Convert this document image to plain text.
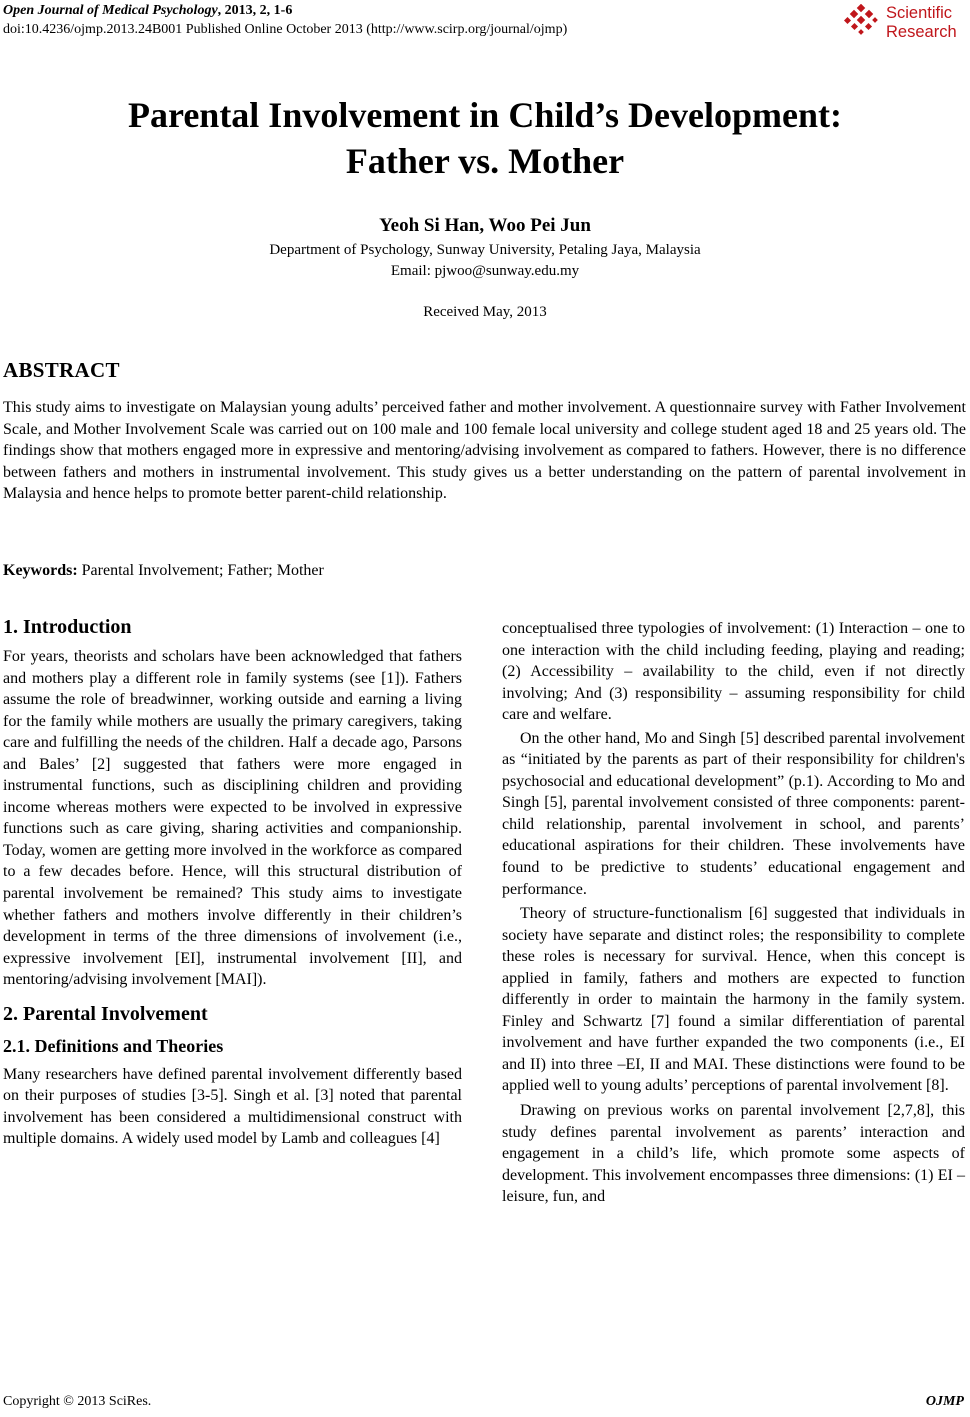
Open Journal of Medical Psychology, 2013, 2, 1-6
doi:10.4236/ojmp.2013.24B001 Published Online October 2013 (http://www.scirp.org/journal/ojmp)
Scientific
Research
Parental Involvement in Child’s Development:
Father vs. Mother
Yeoh Si Han, Woo Pei Jun
Department of Psychology, Sunway University, Petaling Jaya, Malaysia
Email: pjwoo@sunway.edu.my
Received May, 2013
ABSTRACT
This study aims to investigate on Malaysian young adults’ perceived father and mother involvement. A questionnaire survey with Father Involvement Scale, and Mother Involvement Scale was carried out on 100 male and 100 female local university and college student aged 18 and 25 years old. The findings show that mothers engaged more in expressive and mentoring/advising involvement as compared to fathers. However, there is no difference between fathers and mothers in instrumental involvement. This study gives us a better understanding on the pattern of parental involvement in Malaysia and hence helps to promote better parent-child relationship.
Keywords: Parental Involvement; Father; Mother
1. Introduction

For years, theorists and scholars have been acknowledged that fathers and mothers play a different role in family systems (see [1]). Fathers assume the role of breadwinner, working outside and earning a living for the family while mothers are usually the primary caregivers, taking care and fulfilling the needs of the children. Half a decade ago, Parsons and Bales’ [2] suggested that fathers were more engaged in instrumental functions, such as disciplining children and providing income whereas mothers were expected to be involved in expressive functions such as care giving, sharing activities and companionship. Today, women are getting more involved in the workforce as compared to a few decades before. Hence, will this structural distribution of parental involvement be remained? This study aims to investigate whether fathers and mothers involve differently in their children’s development in terms of the three dimensions of involvement (i.e., expressive involvement [EI], instrumental involvement [II], and mentoring/advising involvement [MAI]).

2. Parental Involvement
2.1. Definitions and Theories

Many researchers have defined parental involvement differently based on their purposes of studies [3-5]. Singh et al. [3] noted that parental involvement has been considered a multidimensional construct with multiple domains. A widely used model by Lamb and colleagues [4]

conceptualised three typologies of involvement: (1) Interaction – one to one interaction with the child including feeding, playing and reading; (2) Accessibility – availability to the child, even if not directly involving; And (3) responsibility – assuming responsibility for child care and welfare.

On the other hand, Mo and Singh [5] described parental involvement as “initiated by the parents as part of their responsibility for children's psychosocial and educational development” (p.1). According to Mo and Singh [5], parental involvement consisted of three components: parent-child relationship, parental involvement in school, and parents’ educational aspirations for their children. These involvements have found to be predictive to students’ educational engagement and performance.

Theory of structure-functionalism [6] suggested that individuals in society have separate and distinct roles; the responsibility to complete these roles is necessary for survival. Hence, when this concept is applied in family, fathers and mothers are expected to function differently in order to maintain the harmony in the family system. Finley and Schwartz [7] found a similar differentiation of parental involvement and have further expanded the two components (i.e., EI and II) into three –EI, II and MAI. These distinctions were found to be applied well to young adults’ perceptions of parental involvement [8].

Drawing on previous works on parental involvement [2,7,8], this study defines parental involvement as parents’ interaction and engagement in a child’s life, which promote some aspects of development. This involvement encompasses three dimensions: (1) EI – leisure, fun, and

Copyright © 2013 SciRes.	OJMP
